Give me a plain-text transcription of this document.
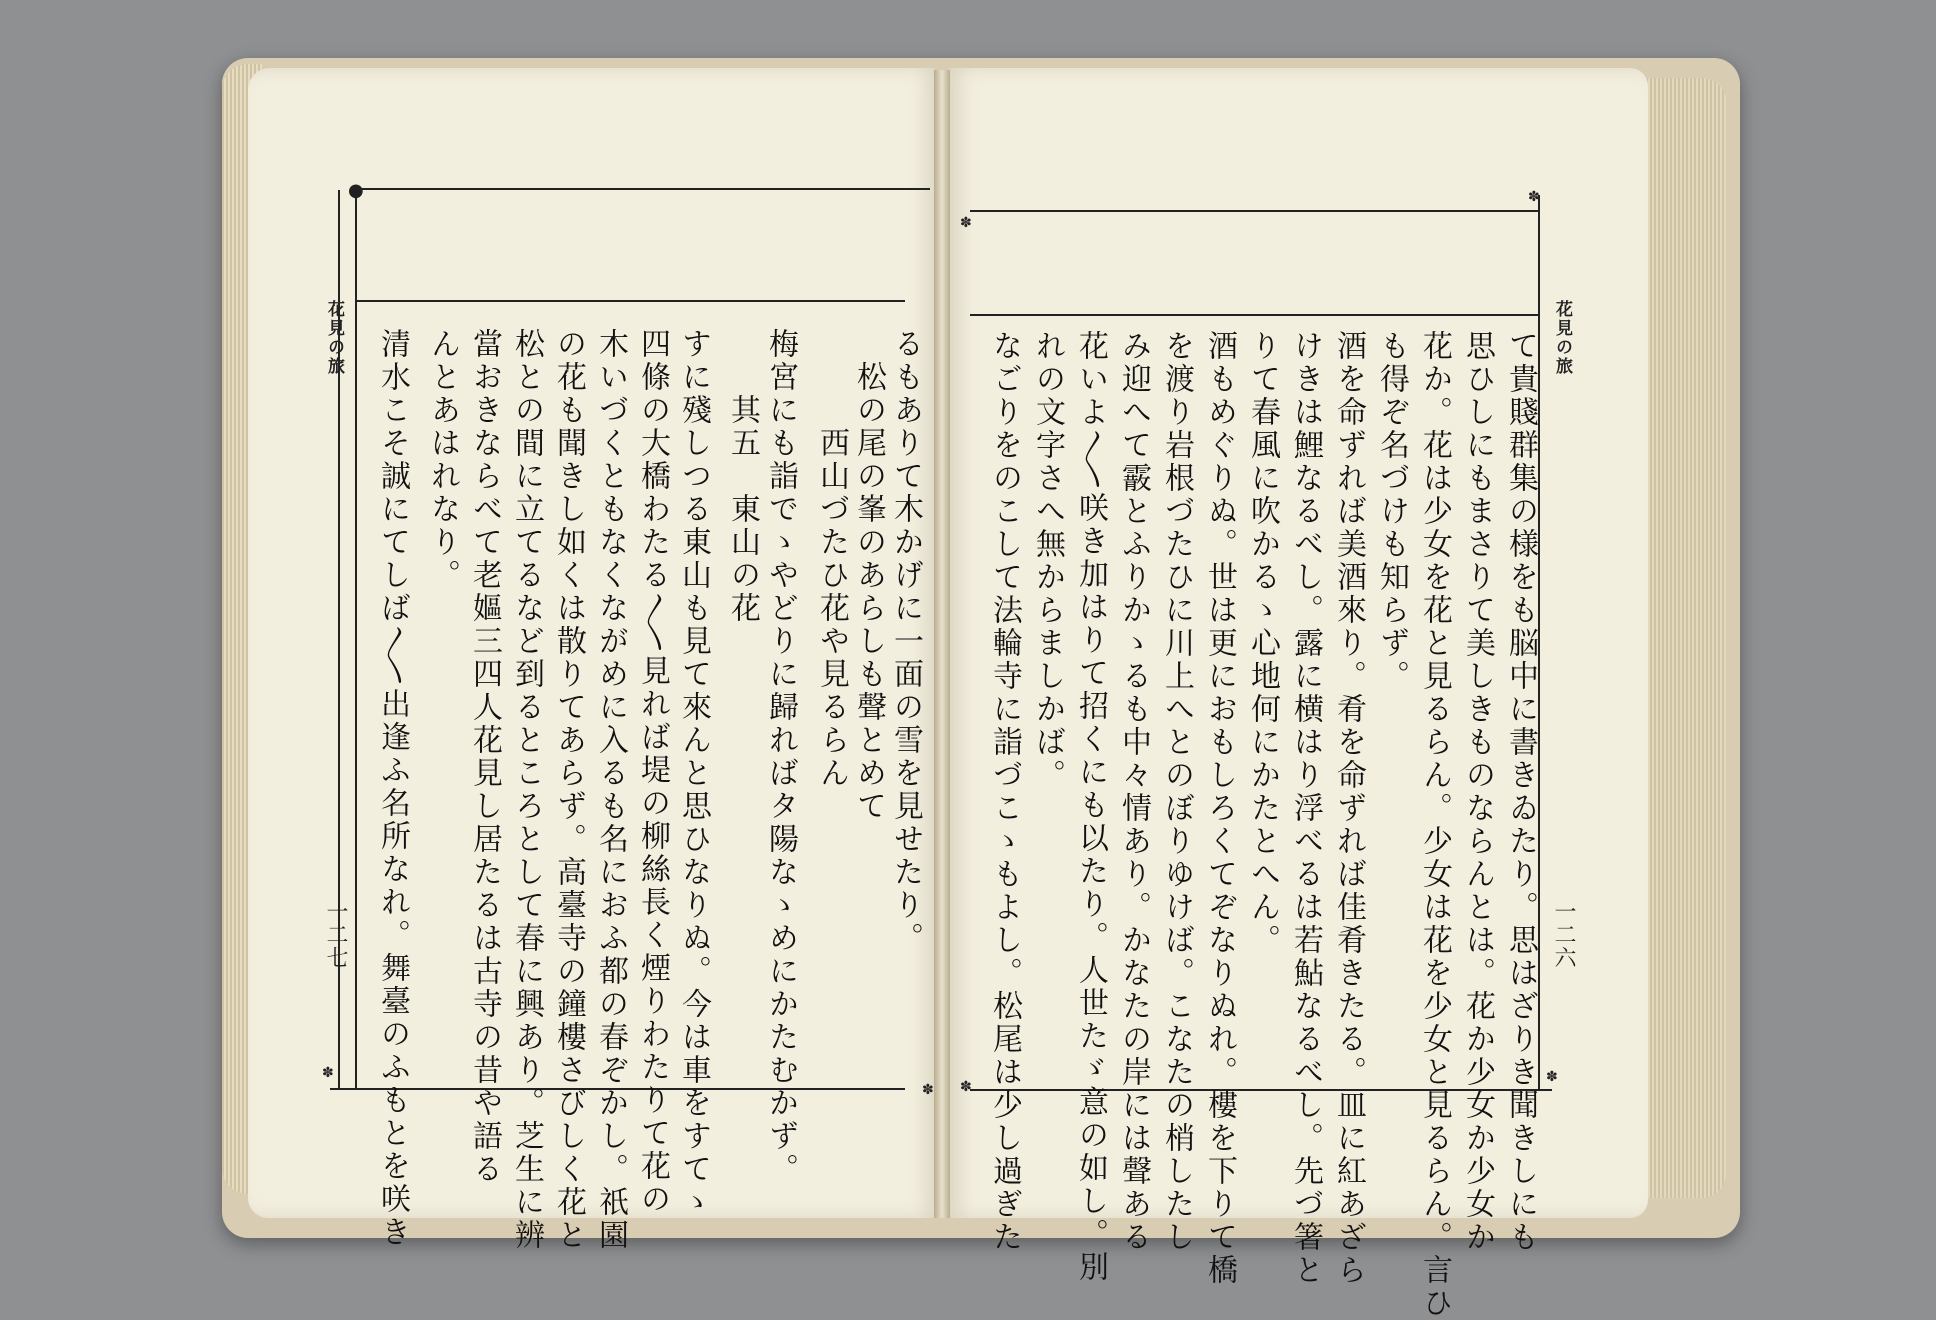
●
✽
✽
✽
✽
✽
✽
花見の旅
一二七
花見の旅
一二六
るもありて木かげに一面の雪を見せたり。
　松の尾の峯のあらしも聲とめて
　　　西山づたひ花や見るらん
梅宮にも詣でゝやどりに歸ればタ陽なゝめにかたむかず。
　　其五　東山の花
すに殘しつる東山も見て來んと思ひなりぬ。今は車をすてゝ
四條の大橋わたる〳〵見れば堤の柳絲長く煙りわたりて花の
木いづくともなくながめに入るも名におふ都の春ぞかし。祇園
の花も聞きし如くは散りてあらず。高臺寺の鐘樓さびしく花と
松との間に立てるなど到るところとして春に興あり。芝生に辨
當おきならべて老嫗三四人花見し居たるは古寺の昔や語る
んとあはれなり。
清水こそ誠にてしば〳〵出逢ふ名所なれ。舞臺のふもとを咲き	て貴賤群集の様をも脳中に書きゐたり。思はざりき聞きしにも
思ひしにもまさりて美しきものならんとは。花か少女か少女か
花か。花は少女を花と見るらん。少女は花を少女と見るらん。言ひ
も得ぞ名づけも知らず。
酒を命ずれば美酒來り。肴を命ずれば佳肴きたる。皿に紅あざら
けきは鯉なるべし。露に横はり浮べるは若鮎なるべし。先づ箸と
りて春風に吹かるゝ心地何にかたとへん。
酒もめぐりぬ。世は更におもしろくてぞなりぬれ。樓を下りて橋
を渡り岩根づたひに川上へとのぼりゆけば。こなたの梢したし
み迎へて霰とふりかゝるも中々情あり。かなたの岸には聲ある
花いよ〳〵咲き加はりて招くにも以たり。人世たゞ意の如し。別
れの文字さへ無からましかば。
なごりをのこして法輪寺に詣づこゝもよし。松尾は少し過ぎた
